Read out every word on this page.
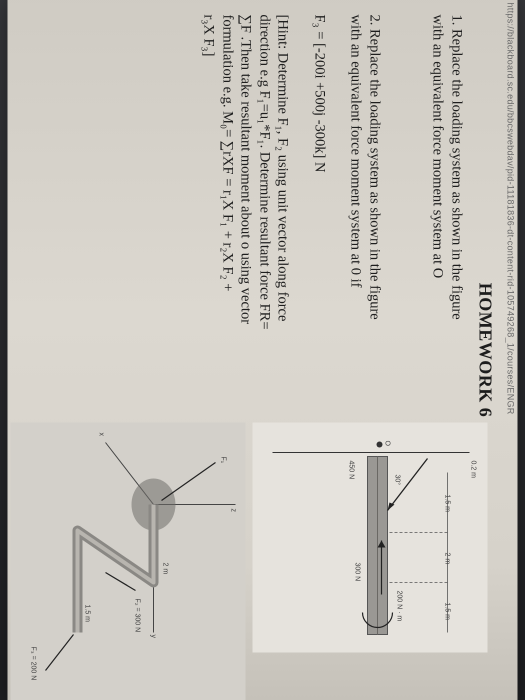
https://blackboard.sc.edu/bbcswebdav/pid-11181836-dt-content-rid-105749268_1/courses/ENGR
HOMEWORK 6
1. Replace the loading system as shown in the figure
with an equivalent force moment system at O
2. Replace the loading system as shown in the figure
with an equivalent force moment system at 0 if
F₃ = [-200i +500j -300k] N
[Hint: Determine F₁, F₂ using unit vector along force
direction e.g F₁=u₁*F₁. Determine resultant force FR=
∑F .Then take resultant moment about o using vector
formulation e.g. M₀= ∑rXF = r₁X F₁ + r₂X F₂ +
r₃X F₃]
450 N
1.5 m
2 m
1.5 m
30°
200 N · m
300 N
0.2 m
O
F₁
F₂ = 300 N
F₃ = 200 N
2 m
1.5 m
x
y
z
